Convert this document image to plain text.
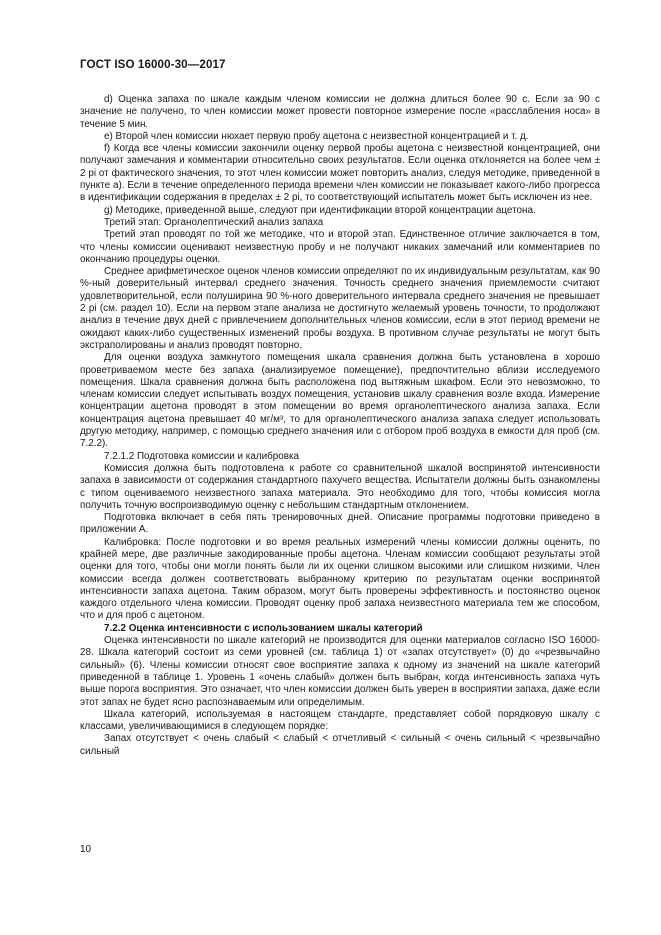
ГОСТ ISO 16000-30—2017

d) Оценка запаха по шкале каждым членом комиссии не должна длиться более 90 с. Если за 90 с значение не получено, то член комиссии может провести повторное измерение после «расслабления носа» в течение 5 мин.

e) Второй член комиссии нюхает первую пробу ацетона с неизвестной концентрацией и т. д.

f) Когда все члены комиссии закончили оценку первой пробы ацетона с неизвестной концентрацией, они получают замечания и комментарии относительно своих результатов. Если оценка отклоняется на более чем ± 2 pi от фактического значения, то этот член комиссии может повторить анализ, следуя методике, приведенной в пункте а). Если в течение определенного периода времени член комиссии не показывает какого-либо прогресса в идентификации содержания в пределах ± 2 pi, то соответствующий испытатель может быть исключен из нее.

g) Методике, приведенной выше, следуют при идентификации второй концентрации ацетона.

Третий этап: Органолептический анализ запаха

Третий этап проводят по той же методике, что и второй этап. Единственное отличие заключается в том, что члены комиссии оценивают неизвестную пробу и не получают никаких замечаний или комментариев по окончанию процедуры оценки.

Среднее арифметическое оценок членов комиссии определяют по их индивидуальным результатам, как 90 %-ный доверительный интервал среднего значения. Точность среднего значения приемлемости считают удовлетворительной, если полуширина 90 %-ного доверительного интервала среднего значения не превышает 2 pi (см. раздел 10). Если на первом этапе анализа не достигнуто желаемый уровень точности, то продолжают анализ в течение двух дней с привлечением дополнительных членов комиссии, если в этот период времени не ожидают каких-либо существенных изменений пробы воздуха. В противном случае результаты не могут быть экстраполированы и анализ проводят повторно.

Для оценки воздуха замкнутого помещения шкала сравнения должна быть установлена в хорошо проветриваемом месте без запаха (анализируемое помещение), предпочтительно вблизи исследуемого помещения. Шкала сравнения должна быть расположена под вытяжным шкафом. Если это невозможно, то членам комиссии следует испытывать воздух помещения, установив шкалу сравнения возле входа. Измерение концентрации ацетона проводят в этом помещении во время органолептического анализа запаха. Если концентрация ацетона превышает 40 мг/м³, то для органолептического анализа запаха следует использовать другую методику, например, с помощью среднего значения или с отбором проб воздуха в емкости для проб (см. 7.2.2).

7.2.1.2 Подготовка комиссии и калибровка

Комиссия должна быть подготовлена к работе со сравнительной шкалой воспринятой интенсивности запаха в зависимости от содержания стандартного пахучего вещества. Испытатели должны быть ознакомлены с типом оцениваемого неизвестного запаха материала. Это необходимо для того, чтобы комиссия могла получить точную воспроизводимую оценку с небольшим стандартным отклонением.

Подготовка включает в себя пять тренировочных дней. Описание программы подготовки приведено в приложении А.

Калибровка: После подготовки и во время реальных измерений члены комиссии должны оценить, по крайней мере, две различные закодированные пробы ацетона. Членам комиссии сообщают результаты этой оценки для того, чтобы они могли понять были ли их оценки слишком высокими или слишком низкими. Член комиссии всегда должен соответствовать выбранному критерию по результатам оценки воспринятой интенсивности запаха ацетона. Таким образом, могут быть проверены эффективность и постоянство оценок каждого отдельного члена комиссии. Проводят оценку проб запаха неизвестного материала тем же способом, что и для проб с ацетоном.

7.2.2 Оценка интенсивности с использованием шкалы категорий

Оценка интенсивности по шкале категорий не производится для оценки материалов согласно ISO 16000-28. Шкала категорий состоит из семи уровней (см. таблица 1) от «запах отсутствует» (0) до «чрезвычайно сильный» (6). Члены комиссии относят свое восприятие запаха к одному из значений на шкале категорий приведенной в таблице 1. Уровень 1 «очень слабый» должен быть выбран, когда интенсивность запаха чуть выше порога восприятия. Это означает, что член комиссии должен быть уверен в восприятии запаха, даже если этот запах не будет ясно распознаваемым или определимым.

Шкала категорий, используемая в настоящем стандарте, представляет собой порядковую шкалу с классами, увеличивающимися в следующем порядке:

Запах отсутствует < очень слабый < слабый < отчетливый < сильный < очень сильный < чрезвычайно сильный

10
